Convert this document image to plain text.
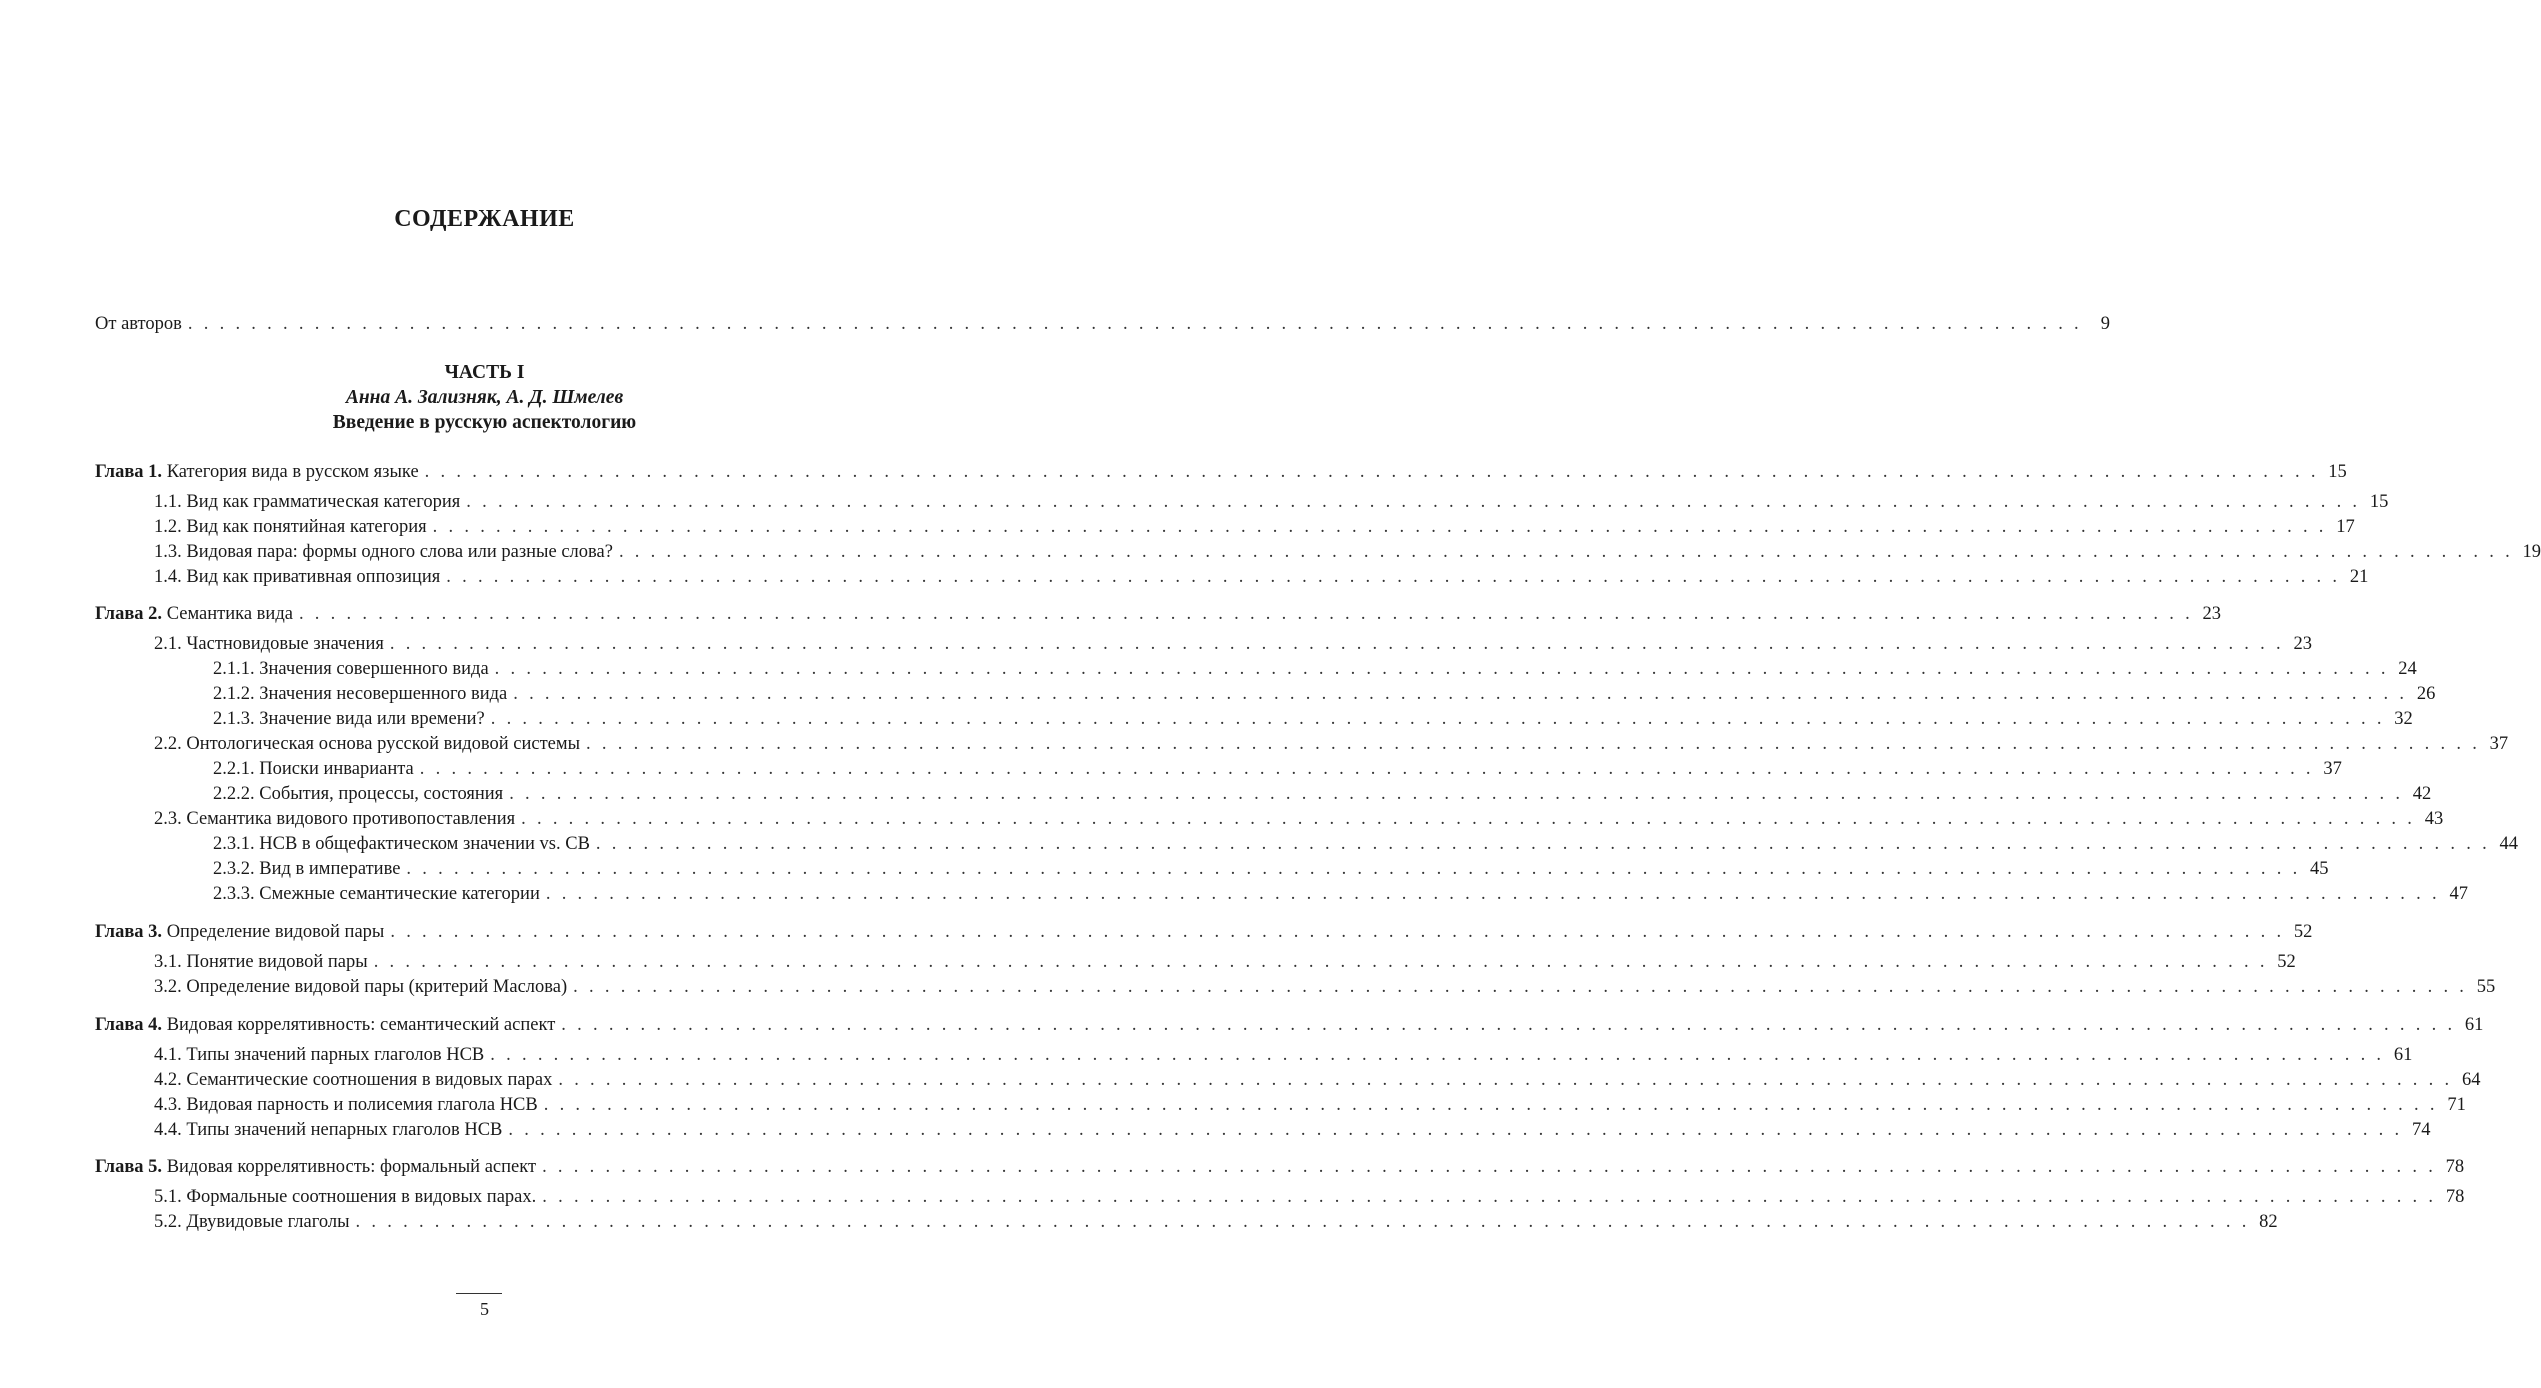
СОДЕРЖАНИЕ
От авторов . . . . . . . . . . . . . . . . . . . . . . . . . . . . . . . . . . . . . . . . . . . . . . . . . . . . . . . . . . . . . . . . . . . . . . . . . . . . . . . . . . . . . . . . . . . . . . . . . . . . . . . . . . . . . . . . . . . . . . . .	9
ЧАСТЬ I
Анна А. Зализняк, А. Д. Шмелев
Введение в русскую аспектологию
Глава 1. Категория вида в русском языке . . . . . . . . . . . . . . . . . . . . . . . . . . . . . . . . . . . . . . . . . . . . . . . . . . . . . . . . . . . . . . . . . . . . . . . . . . . . . . . . . . . . . . . . . . . . . . . . . . . . . . . . . . . . . . . . . . . . . . . . 15
1.1. Вид как грамматическая категория . . . . . . . . . . . . . . . . . . . . . . . . . . . . . . . . . . . . . . . . . . . . . . . . . . . . . . . . . . . . . . . . . . . . . . . . . . . . . . . . . . . . . . . . . . . . . . . . . . . . . . . . . . . . . . . . . . . . . . . . 15
1.2. Вид как понятийная категория . . . . . . . . . . . . . . . . . . . . . . . . . . . . . . . . . . . . . . . . . . . . . . . . . . . . . . . . . . . . . . . . . . . . . . . . . . . . . . . . . . . . . . . . . . . . . . . . . . . . . . . . . . . . . . . . . . . . . . . . 17
1.3. Видовая пара: формы одного слова или разные слова? . . . . . . . . . . . . . . . . . . . . . . . . . . . . . . . . . . . . . . . . . . . . . . . . . . . . . . . . . . . . . . . . . . . . . . . . . . . . . . . . . . . . . . . . . . . . . . . . . . . . . . . . . . . . . . . . . . . . . . . . 19
1.4. Вид как привативная оппозиция . . . . . . . . . . . . . . . . . . . . . . . . . . . . . . . . . . . . . . . . . . . . . . . . . . . . . . . . . . . . . . . . . . . . . . . . . . . . . . . . . . . . . . . . . . . . . . . . . . . . . . . . . . . . . . . . . . . . . . . . 21
Глава 2. Семантика вида . . . . . . . . . . . . . . . . . . . . . . . . . . . . . . . . . . . . . . . . . . . . . . . . . . . . . . . . . . . . . . . . . . . . . . . . . . . . . . . . . . . . . . . . . . . . . . . . . . . . . . . . . . . . . . . . . . . . . . . . 23
2.1. Частновидовые значения . . . . . . . . . . . . . . . . . . . . . . . . . . . . . . . . . . . . . . . . . . . . . . . . . . . . . . . . . . . . . . . . . . . . . . . . . . . . . . . . . . . . . . . . . . . . . . . . . . . . . . . . . . . . . . . . . . . . . . . . 23
2.1.1. Значения совершенного вида . . . . . . . . . . . . . . . . . . . . . . . . . . . . . . . . . . . . . . . . . . . . . . . . . . . . . . . . . . . . . . . . . . . . . . . . . . . . . . . . . . . . . . . . . . . . . . . . . . . . . . . . . . . . . . . . . . . . . . . . 24
2.1.2. Значения несовершенного вида . . . . . . . . . . . . . . . . . . . . . . . . . . . . . . . . . . . . . . . . . . . . . . . . . . . . . . . . . . . . . . . . . . . . . . . . . . . . . . . . . . . . . . . . . . . . . . . . . . . . . . . . . . . . . . . . . . . . . . . . 26
2.1.3. Значение вида или времени? . . . . . . . . . . . . . . . . . . . . . . . . . . . . . . . . . . . . . . . . . . . . . . . . . . . . . . . . . . . . . . . . . . . . . . . . . . . . . . . . . . . . . . . . . . . . . . . . . . . . . . . . . . . . . . . . . . . . . . . . 32
2.2. Онтологическая основа русской видовой системы . . . . . . . . . . . . . . . . . . . . . . . . . . . . . . . . . . . . . . . . . . . . . . . . . . . . . . . . . . . . . . . . . . . . . . . . . . . . . . . . . . . . . . . . . . . . . . . . . . . . . . . . . . . . . . . . . . . . . . . . 37
2.2.1. Поиски инварианта . . . . . . . . . . . . . . . . . . . . . . . . . . . . . . . . . . . . . . . . . . . . . . . . . . . . . . . . . . . . . . . . . . . . . . . . . . . . . . . . . . . . . . . . . . . . . . . . . . . . . . . . . . . . . . . . . . . . . . . . 37
2.2.2. События, процессы, состояния . . . . . . . . . . . . . . . . . . . . . . . . . . . . . . . . . . . . . . . . . . . . . . . . . . . . . . . . . . . . . . . . . . . . . . . . . . . . . . . . . . . . . . . . . . . . . . . . . . . . . . . . . . . . . . . . . . . . . . . . 42
2.3. Семантика видового противопоставления . . . . . . . . . . . . . . . . . . . . . . . . . . . . . . . . . . . . . . . . . . . . . . . . . . . . . . . . . . . . . . . . . . . . . . . . . . . . . . . . . . . . . . . . . . . . . . . . . . . . . . . . . . . . . . . . . . . . . . . . 43
2.3.1. НСВ в общефактическом значении vs. СВ . . . . . . . . . . . . . . . . . . . . . . . . . . . . . . . . . . . . . . . . . . . . . . . . . . . . . . . . . . . . . . . . . . . . . . . . . . . . . . . . . . . . . . . . . . . . . . . . . . . . . . . . . . . . . . . . . . . . . . . . 44
2.3.2. Вид в императиве . . . . . . . . . . . . . . . . . . . . . . . . . . . . . . . . . . . . . . . . . . . . . . . . . . . . . . . . . . . . . . . . . . . . . . . . . . . . . . . . . . . . . . . . . . . . . . . . . . . . . . . . . . . . . . . . . . . . . . . . 45
2.3.3. Смежные семантические категории . . . . . . . . . . . . . . . . . . . . . . . . . . . . . . . . . . . . . . . . . . . . . . . . . . . . . . . . . . . . . . . . . . . . . . . . . . . . . . . . . . . . . . . . . . . . . . . . . . . . . . . . . . . . . . . . . . . . . . . . 47
Глава 3. Определение видовой пары . . . . . . . . . . . . . . . . . . . . . . . . . . . . . . . . . . . . . . . . . . . . . . . . . . . . . . . . . . . . . . . . . . . . . . . . . . . . . . . . . . . . . . . . . . . . . . . . . . . . . . . . . . . . . . . . . . . . . . . . 52
3.1. Понятие видовой пары . . . . . . . . . . . . . . . . . . . . . . . . . . . . . . . . . . . . . . . . . . . . . . . . . . . . . . . . . . . . . . . . . . . . . . . . . . . . . . . . . . . . . . . . . . . . . . . . . . . . . . . . . . . . . . . . . . . . . . . . 52
3.2. Определение видовой пары (критерий Маслова) . . . . . . . . . . . . . . . . . . . . . . . . . . . . . . . . . . . . . . . . . . . . . . . . . . . . . . . . . . . . . . . . . . . . . . . . . . . . . . . . . . . . . . . . . . . . . . . . . . . . . . . . . . . . . . . . . . . . . . . . 55
Глава 4. Видовая коррелятивность: семантический аспект . . . . . . . . . . . . . . . . . . . . . . . . . . . . . . . . . . . . . . . . . . . . . . . . . . . . . . . . . . . . . . . . . . . . . . . . . . . . . . . . . . . . . . . . . . . . . . . . . . . . . . . . . . . . . . . . . . . . . . . . 61
4.1. Типы значений парных глаголов НСВ . . . . . . . . . . . . . . . . . . . . . . . . . . . . . . . . . . . . . . . . . . . . . . . . . . . . . . . . . . . . . . . . . . . . . . . . . . . . . . . . . . . . . . . . . . . . . . . . . . . . . . . . . . . . . . . . . . . . . . . . 61
4.2. Семантические соотношения в видовых парах . . . . . . . . . . . . . . . . . . . . . . . . . . . . . . . . . . . . . . . . . . . . . . . . . . . . . . . . . . . . . . . . . . . . . . . . . . . . . . . . . . . . . . . . . . . . . . . . . . . . . . . . . . . . . . . . . . . . . . . . 64
4.3. Видовая парность и полисемия глагола НСВ . . . . . . . . . . . . . . . . . . . . . . . . . . . . . . . . . . . . . . . . . . . . . . . . . . . . . . . . . . . . . . . . . . . . . . . . . . . . . . . . . . . . . . . . . . . . . . . . . . . . . . . . . . . . . . . . . . . . . . . . 71
4.4. Типы значений непарных глаголов НСВ . . . . . . . . . . . . . . . . . . . . . . . . . . . . . . . . . . . . . . . . . . . . . . . . . . . . . . . . . . . . . . . . . . . . . . . . . . . . . . . . . . . . . . . . . . . . . . . . . . . . . . . . . . . . . . . . . . . . . . . . 74
Глава 5. Видовая коррелятивность: формальный аспект . . . . . . . . . . . . . . . . . . . . . . . . . . . . . . . . . . . . . . . . . . . . . . . . . . . . . . . . . . . . . . . . . . . . . . . . . . . . . . . . . . . . . . . . . . . . . . . . . . . . . . . . . . . . . . . . . . . . . . . . 78
5.1. Формальные соотношения в видовых парах. . . . . . . . . . . . . . . . . . . . . . . . . . . . . . . . . . . . . . . . . . . . . . . . . . . . . . . . . . . . . . . . . . . . . . . . . . . . . . . . . . . . . . . . . . . . . . . . . . . . . . . . . . . . . . . . . . . . . . . . . 78
5.2. Двувидовые глаголы . . . . . . . . . . . . . . . . . . . . . . . . . . . . . . . . . . . . . . . . . . . . . . . . . . . . . . . . . . . . . . . . . . . . . . . . . . . . . . . . . . . . . . . . . . . . . . . . . . . . . . . . . . . . . . . . . . . . . . . . 82
5
